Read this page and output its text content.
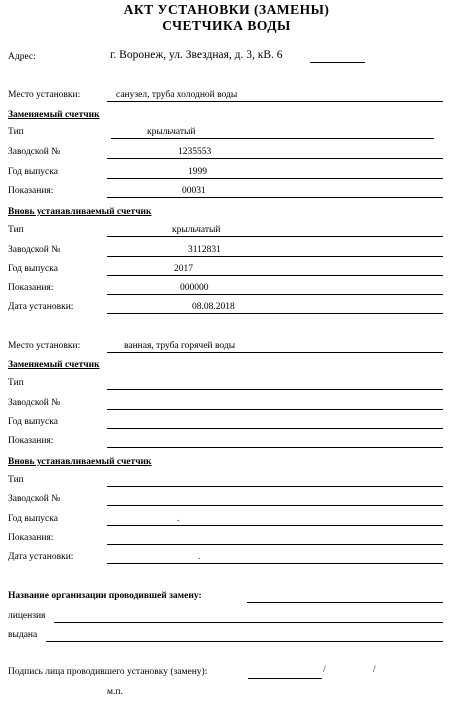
АКТ УСТАНОВКИ (ЗАМЕНЫ)
СЧЕТЧИКА ВОДЫ
Адрес:	г. Воронеж, ул. Звездная, д. 3, кВ. 6
Место установки:	санузел, труба холодной воды
Заменяемый счетчик
Тип	крыльчатый
Заводской №	1235553
Год выпуска	1999
Показания:	00031
Вновь устанавливаемый счетчик
Тип	крыльчатый
Заводской №	3112831
Год выпуска	2017
Показания:	000000
Дата установки:	08.08.2018
Место установки:	ванная, труба горячей воды
Заменяемый счетчик
Тип
Заводской №
Год выпуска
Показания:
Вновь устанавливаемый счетчик
Тип
Заводской №
Год выпуска	.
Показания:
Дата установки:	.
Название организации проводившей замену:
лицензия
выдана
Подпись лица проводившего установку (замену):	/	/
м.п.
